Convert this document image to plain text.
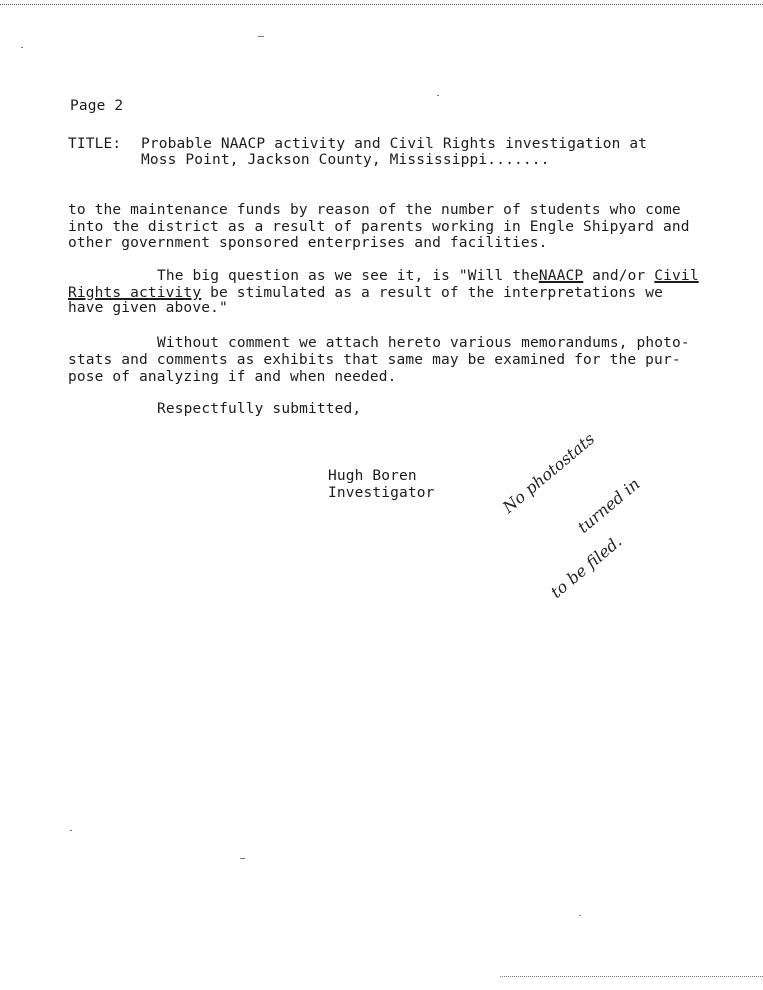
Page 2
TITLE: Probable NAACP activity and Civil Rights investigation at
Moss Point, Jackson County, Mississippi.......
to the maintenance funds by reason of the number of students who come
into the district as a result of parents working in Engle Shipyard and
other government sponsored enterprises and facilities.
The big question as we see it, is "Will theNAACP and/or Civil
Rights activity be stimulated as a result of the interpretations we
have given above."
Without comment we attach hereto various memorandums, photo-
stats and comments as exhibits that same may be examined for the pur-
pose of analyzing if and when needed.
Respectfully submitted,
Hugh Boren
Investigator	No photostats
turned in
to be filed.
